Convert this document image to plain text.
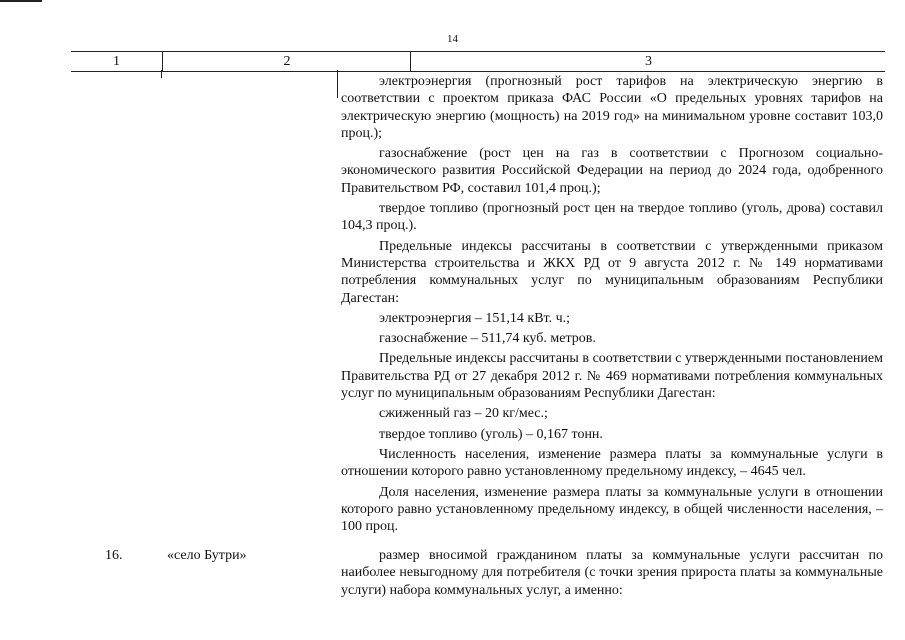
14
1	2	3

электроэнергия (прогнозный рост тарифов на электрическую энергию в соответствии с проектом приказа ФАС России «О предельных уровнях тарифов на электрическую энергию (мощность) на 2019 год» на минимальном уровне составит 103,0 проц.);

газоснабжение (рост цен на газ в соответствии с Прогнозом социально-экономического развития Российской Федерации на период до 2024 года, одобренного Правительством РФ, составил 101,4 проц.);

твердое топливо (прогнозный рост цен на твердое топливо (уголь, дрова) составил 104,3 проц.).

Предельные индексы рассчитаны в соответствии с утвержденными приказом Министерства строительства и ЖКХ РД от 9 августа 2012 г. № 149 нормативами потребления коммунальных услуг по муниципальным образованиям Республики Дагестан:

электроэнергия – 151,14 кВт. ч.;

газоснабжение – 511,74 куб. метров.

Предельные индексы рассчитаны в соответствии с утвержденными постановлением Правительства РД от 27 декабря 2012 г. № 469 нормативами потребления коммунальных услуг по муниципальным образованиям Республики Дагестан:

сжиженный газ – 20 кг/мес.;

твердое топливо (уголь) – 0,167 тонн.

Численность населения, изменение размера платы за коммунальные услуги в отношении которого равно установленному предельному индексу, – 4645 чел.

Доля населения, изменение размера платы за коммунальные услуги в отношении которого равно установленному предельному индексу, в общей численности населения, – 100 проц.

16.	«село Бутри»	размер вносимой гражданином платы за коммунальные услуги рассчитан по наиболее невыгодному для потребителя (с точки зрения прироста платы за коммунальные услуги) набора коммунальных услуг, а именно:
